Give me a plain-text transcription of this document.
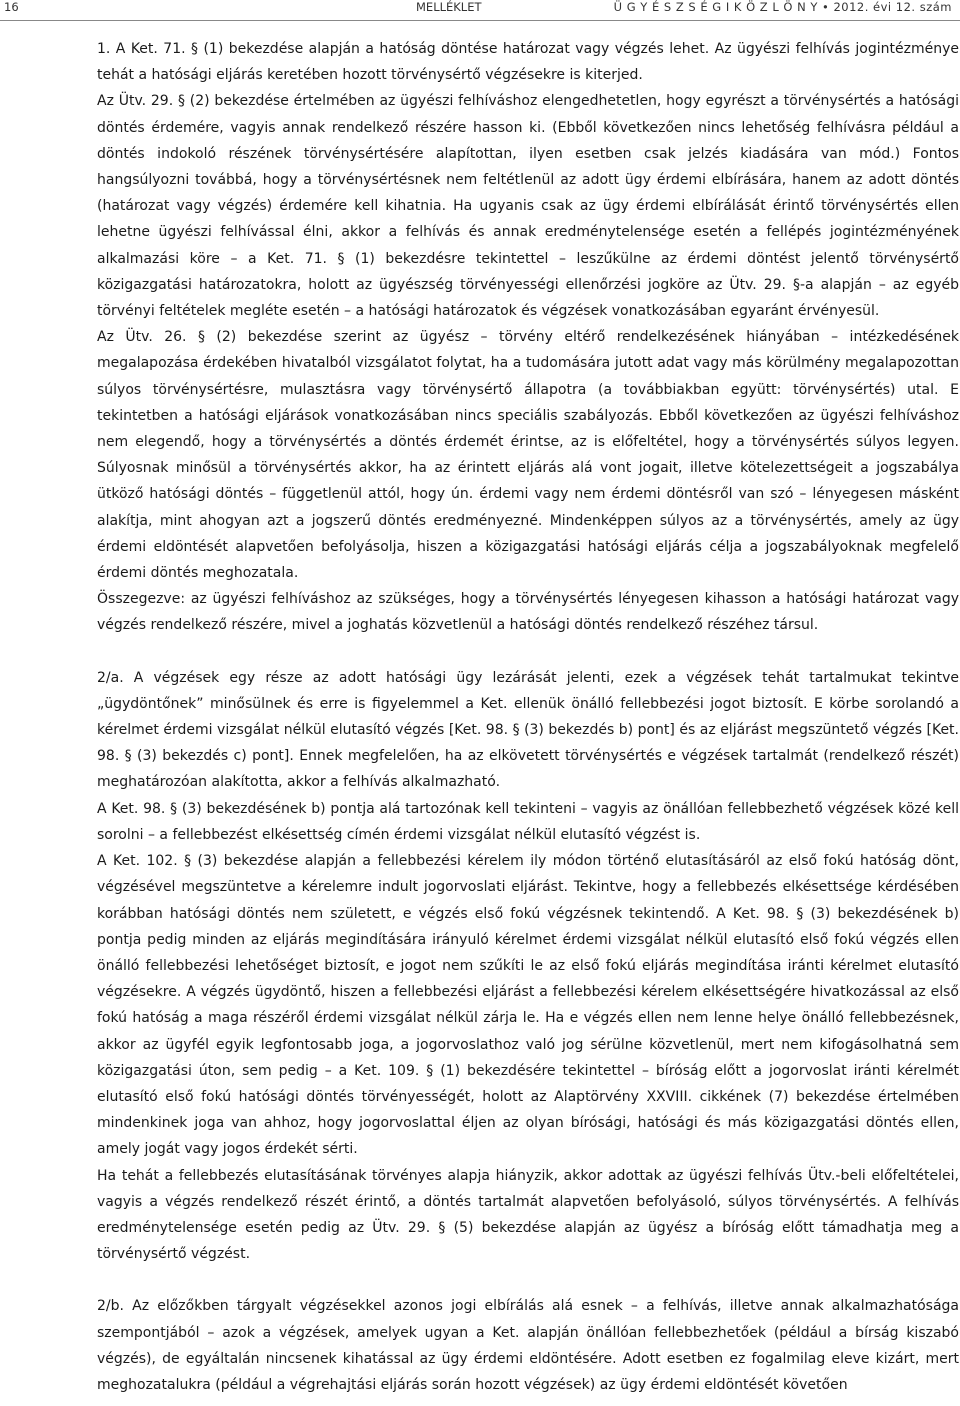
16	MELLÉKLET	Ü G Y É S Z S É G I K Ö Z L Ö N Y • 2012. évi 12. szám

1. A Ket. 71. § (1) bekezdése alapján a hatóság döntése határozat vagy végzés lehet. Az ügyészi felhívás jogintézménye tehát a hatósági eljárás keretében hozott törvénysértő végzésekre is kiterjed.

Az Ütv. 29. § (2) bekezdése értelmében az ügyészi felhíváshoz elengedhetetlen, hogy egyrészt a törvénysértés a hatósági döntés érdemére, vagyis annak rendelkező részére hasson ki. (Ebből következően nincs lehetőség felhívásra például a döntés indokoló részének törvénysértésére alapítottan, ilyen esetben csak jelzés kiadására van mód.) Fontos hangsúlyozni továbbá, hogy a törvénysértésnek nem feltétlenül az adott ügy érdemi elbírására, hanem az adott döntés (határozat vagy végzés) érdemére kell kihatnia. Ha ugyanis csak az ügy érdemi elbírálását érintő törvénysértés ellen lehetne ügyészi felhívással élni, akkor a felhívás és annak eredménytelensége esetén a fellépés jogintézményének alkalmazási köre – a Ket. 71. § (1) bekezdésre tekintettel – leszűkülne az érdemi döntést jelentő törvénysértő közigazgatási határozatokra, holott az ügyészség törvényességi ellenőrzési jogköre az Ütv. 29. §-a alapján – az egyéb törvényi feltételek megléte esetén – a hatósági határozatok és végzések vonatkozásában egyaránt érvényesül.

Az Ütv. 26. § (2) bekezdése szerint az ügyész – törvény eltérő rendelkezésének hiányában – intézkedésének megalapozása érdekében hivatalból vizsgálatot folytat, ha a tudomására jutott adat vagy más körülmény megalapozottan súlyos törvénysértésre, mulasztásra vagy törvénysértő állapotra (a továbbiakban együtt: törvénysértés) utal. E tekintetben a hatósági eljárások vonatkozásában nincs speciális szabályozás. Ebből következően az ügyészi felhíváshoz nem elegendő, hogy a törvénysértés a döntés érdemét érintse, az is előfeltétel, hogy a törvénysértés súlyos legyen. Súlyosnak minősül a törvénysértés akkor, ha az érintett eljárás alá vont jogait, illetve kötelezettségeit a jogszabálya ütköző hatósági döntés – függetlenül attól, hogy ún. érdemi vagy nem érdemi döntésről van szó – lényegesen másként alakítja, mint ahogyan azt a jogszerű döntés eredményezné. Mindenképpen súlyos az a törvénysértés, amely az ügy érdemi eldöntését alapvetően befolyásolja, hiszen a közigazgatási hatósági eljárás célja a jogszabályoknak megfelelő érdemi döntés meghozatala.

Összegezve: az ügyészi felhíváshoz az szükséges, hogy a törvénysértés lényegesen kihasson a hatósági határozat vagy végzés rendelkező részére, mivel a joghatás közvetlenül a hatósági döntés rendelkező részéhez társul.

2/a. A végzések egy része az adott hatósági ügy lezárását jelenti, ezek a végzések tehát tartalmukat tekintve „ügydöntőnek” minősülnek és erre is figyelemmel a Ket. ellenük önálló fellebbezési jogot biztosít. E körbe sorolandó a kérelmet érdemi vizsgálat nélkül elutasító végzés [Ket. 98. § (3) bekezdés b) pont] és az eljárást megszüntető végzés [Ket. 98. § (3) bekezdés c) pont]. Ennek megfelelően, ha az elkövetett törvénysértés e végzések tartalmát (rendelkező részét) meghatározóan alakította, akkor a felhívás alkalmazható.

A Ket. 98. § (3) bekezdésének b) pontja alá tartozónak kell tekinteni – vagyis az önállóan fellebbezhető végzések közé kell sorolni – a fellebbezést elkésettség címén érdemi vizsgálat nélkül elutasító végzést is.

A Ket. 102. § (3) bekezdése alapján a fellebbezési kérelem ily módon történő elutasításáról az első fokú hatóság dönt, végzésével megszüntetve a kérelemre indult jogorvoslati eljárást. Tekintve, hogy a fellebbezés elkésettsége kérdésében korábban hatósági döntés nem született, e végzés első fokú végzésnek tekintendő. A Ket. 98. § (3) bekezdésének b) pontja pedig minden az eljárás megindítására irányuló kérelmet érdemi vizsgálat nélkül elutasító első fokú végzés ellen önálló fellebbezési lehetőséget biztosít, e jogot nem szűkíti le az első fokú eljárás megindítása iránti kérelmet elutasító végzésekre. A végzés ügydöntő, hiszen a fellebbezési eljárást a fellebbezési kérelem elkésettségére hivatkozással az első fokú hatóság a maga részéről érdemi vizsgálat nélkül zárja le. Ha e végzés ellen nem lenne helye önálló fellebbezésnek, akkor az ügyfél egyik legfontosabb joga, a jogorvoslathoz való jog sérülne közvetlenül, mert nem kifogásolhatná sem közigazgatási úton, sem pedig – a Ket. 109. § (1) bekezdésére tekintettel – bíróság előtt a jogorvoslat iránti kérelmét elutasító első fokú hatósági döntés törvényességét, holott az Alaptörvény XXVIII. cikkének (7) bekezdése értelmében mindenkinek joga van ahhoz, hogy jogorvoslattal éljen az olyan bírósági, hatósági és más közigazgatási döntés ellen, amely jogát vagy jogos érdekét sérti.

Ha tehát a fellebbezés elutasításának törvényes alapja hiányzik, akkor adottak az ügyészi felhívás Ütv.-beli előfeltételei, vagyis a végzés rendelkező részét érintő, a döntés tartalmát alapvetően befolyásoló, súlyos törvénysértés. A felhívás eredménytelensége esetén pedig az Ütv. 29. § (5) bekezdése alapján az ügyész a bíróság előtt támadhatja meg a törvénysértő végzést.

2/b. Az előzőkben tárgyalt végzésekkel azonos jogi elbírálás alá esnek – a felhívás, illetve annak alkalmazhatósága szempontjából – azok a végzések, amelyek ugyan a Ket. alapján önállóan fellebbezhetőek (például a bírság kiszabó végzés), de egyáltalán nincsenek kihatással az ügy érdemi eldöntésére. Adott esetben ez fogalmilag eleve kizárt, mert meghozatalukra (például a végrehajtási eljárás során hozott végzések) az ügy érdemi eldöntését követően
